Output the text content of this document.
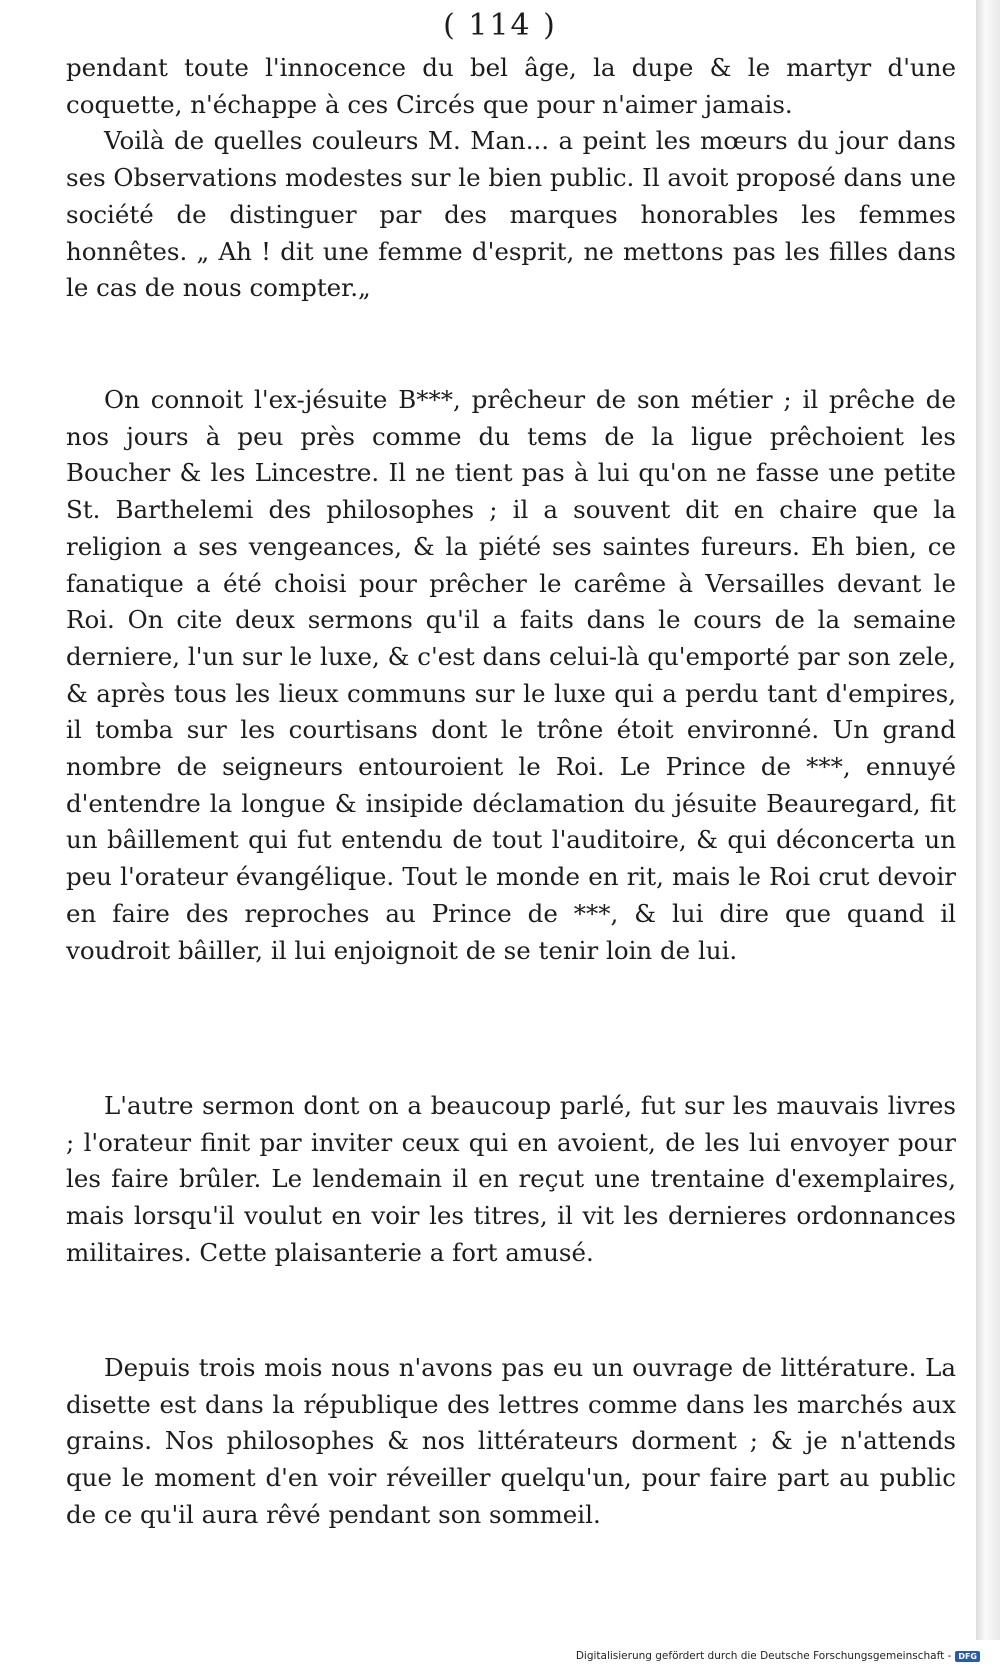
( 114 )

pendant toute l'innocence du bel âge, la dupe & le martyr d'une coquette, n'échappe à ces Circés que pour n'aimer jamais.

Voilà de quelles couleurs M. Man... a peint les mœurs du jour dans ses Observations modestes sur le bien public. Il avoit proposé dans une société de distinguer par des marques honorables les femmes honnêtes. „ Ah ! dit une femme d'esprit, ne mettons pas les filles dans le cas de nous compter.„

On connoit l'ex-jésuite B***, prêcheur de son métier ; il prêche de nos jours à peu près comme du tems de la ligue prêchoient les Boucher & les Lincestre. Il ne tient pas à lui qu'on ne fasse une petite St. Barthelemi des philosophes ; il a souvent dit en chaire que la religion a ses vengeances, & la piété ses saintes fureurs. Eh bien, ce fanatique a été choisi pour prêcher le carême à Versailles devant le Roi. On cite deux sermons qu'il a faits dans le cours de la semaine derniere, l'un sur le luxe, & c'est dans celui-là qu'emporté par son zele, & après tous les lieux communs sur le luxe qui a perdu tant d'empires, il tomba sur les courtisans dont le trône étoit environné. Un grand nombre de seigneurs entouroient le Roi. Le Prince de ***, ennuyé d'entendre la longue & insipide déclamation du jésuite Beauregard, fit un bâillement qui fut entendu de tout l'auditoire, & qui déconcerta un peu l'orateur évangélique. Tout le monde en rit, mais le Roi crut devoir en faire des reproches au Prince de ***, & lui dire que quand il voudroit bâiller, il lui enjoignoit de se tenir loin de lui.

L'autre sermon dont on a beaucoup parlé, fut sur les mauvais livres ; l'orateur finit par inviter ceux qui en avoient, de les lui envoyer pour les faire brûler. Le lendemain il en reçut une trentaine d'exemplaires, mais lorsqu'il voulut en voir les titres, il vit les dernieres ordonnances militaires. Cette plaisanterie a fort amusé.

Depuis trois mois nous n'avons pas eu un ouvrage de littérature. La disette est dans la république des lettres comme dans les marchés aux grains. Nos philosophes & nos littérateurs dorment ; & je n'attends que le moment d'en voir réveiller quelqu'un, pour faire part au public de ce qu'il aura rêvé pendant son sommeil.

Digitalisierung gefördert durch die Deutsche Forschungsgemeinschaft - DFG
